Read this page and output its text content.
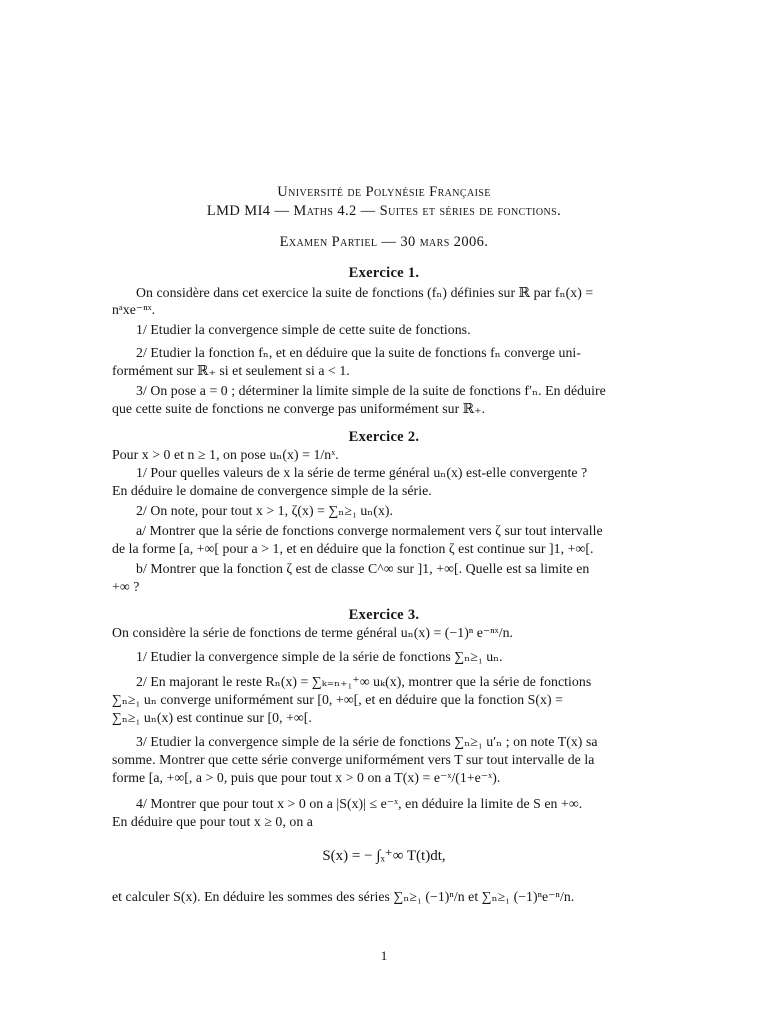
Université de Polynésie Française
LMD MI4 — Maths 4.2 — Suites et séries de fonctions.
Examen Partiel — 30 mars 2006.
Exercice 1.
On considère dans cet exercice la suite de fonctions (fₙ) définies sur ℝ par fₙ(x) =
nᵃxe⁻ⁿˣ.
1/ Etudier la convergence simple de cette suite de fonctions.
2/ Etudier la fonction fₙ, et en déduire que la suite de fonctions fₙ converge uni-
formément sur ℝ₊ si et seulement si a < 1.
3/ On pose a = 0 ; déterminer la limite simple de la suite de fonctions f′ₙ. En déduire
que cette suite de fonctions ne converge pas uniformément sur ℝ₊.
Exercice 2.
Pour x > 0 et n ≥ 1, on pose uₙ(x) = 1/nˣ.
1/ Pour quelles valeurs de x la série de terme général uₙ(x) est-elle convergente ?
En déduire le domaine de convergence simple de la série.
2/ On note, pour tout x > 1, ζ(x) = ∑ₙ≥₁ uₙ(x).
a/ Montrer que la série de fonctions converge normalement vers ζ sur tout intervalle
de la forme [a, +∞[ pour a > 1, et en déduire que la fonction ζ est continue sur ]1, +∞[.
b/ Montrer que la fonction ζ est de classe C^∞ sur ]1, +∞[. Quelle est sa limite en
+∞ ?
Exercice 3.
On considère la série de fonctions de terme général uₙ(x) = (−1)ⁿ e⁻ⁿˣ/n.
1/ Etudier la convergence simple de la série de fonctions ∑ₙ≥₁ uₙ.
2/ En majorant le reste Rₙ(x) = ∑ₖ₌ₙ₊₁⁺∞ uₖ(x), montrer que la série de fonctions
∑ₙ≥₁ uₙ converge uniformément sur [0, +∞[, et en déduire que la fonction S(x) =
∑ₙ≥₁ uₙ(x) est continue sur [0, +∞[.
3/ Etudier la convergence simple de la série de fonctions ∑ₙ≥₁ u′ₙ ; on note T(x) sa
somme. Montrer que cette série converge uniformément vers T sur tout intervalle de la
forme [a, +∞[, a > 0, puis que pour tout x > 0 on a T(x) = e⁻ˣ/(1+e⁻ˣ).
4/ Montrer que pour tout x > 0 on a |S(x)| ≤ e⁻ˣ, en déduire la limite de S en +∞.
En déduire que pour tout x ≥ 0, on a
S(x) = − ∫ₓ⁺∞ T(t)dt,
et calculer S(x). En déduire les sommes des séries ∑ₙ≥₁ (−1)ⁿ/n et ∑ₙ≥₁ (−1)ⁿe⁻ⁿ/n.
1
